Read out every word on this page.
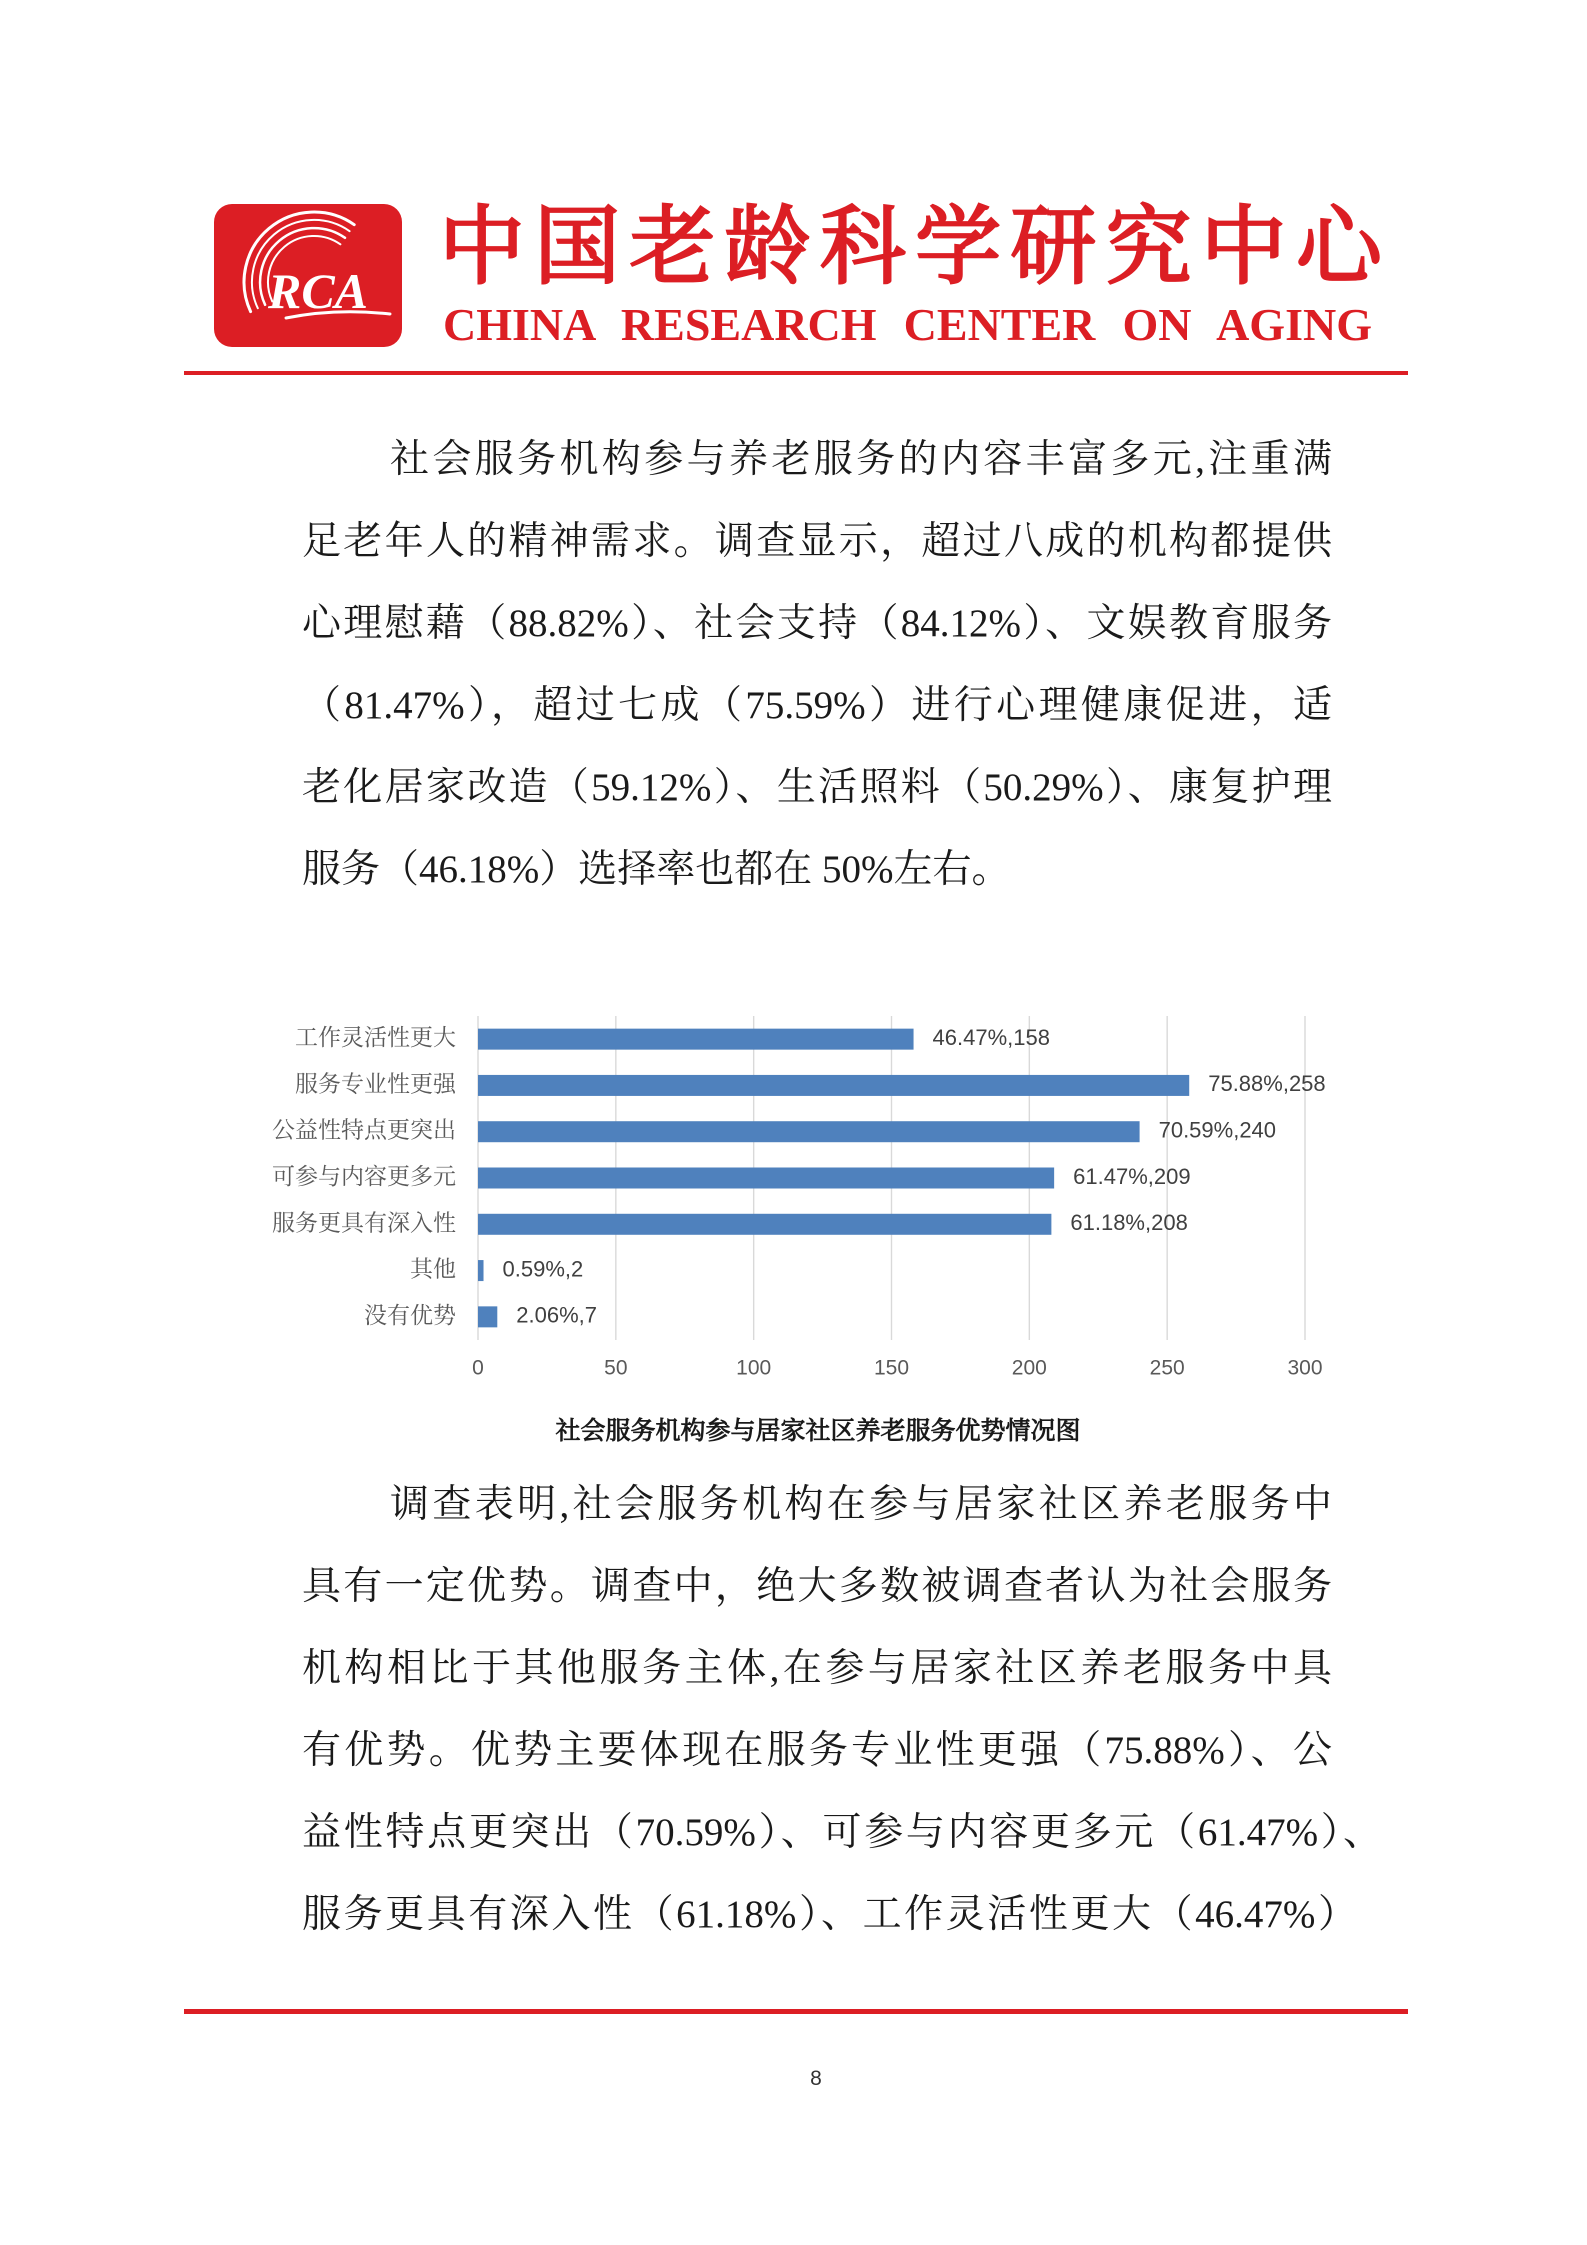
RCA 中国老龄科学研究中心
CHINA RESEARCH CENTER ON AGING
社会服务机构参与养老服务的内容丰富多元,注重满
足老年人的精神需求。调查显示，超过八成的机构都提供
心理慰藉（88.82%）、社会支持（84.12%）、文娱教育服务
（81.47%），超过七成（75.59%）进行心理健康促进，适
老化居家改造（59.12%）、生活照料（50.29%）、康复护理
服务（46.18%）选择率也都在 50%左右。
0	50	100	150	200	250	300
工作灵活性更大	46.47%,158
服务专业性更强	75.88%,258
公益性特点更突出	70.59%,240
可参与内容更多元	61.47%,209
服务更具有深入性	61.18%,208
其他 0.59%,2
没有优势	2.06%,7
社会服务机构参与居家社区养老服务优势情况图
调查表明,社会服务机构在参与居家社区养老服务中
具有一定优势。调查中，绝大多数被调查者认为社会服务
机构相比于其他服务主体,在参与居家社区养老服务中具
有优势。优势主要体现在服务专业性更强（75.88%）、公
益性特点更突出（70.59%）、可参与内容更多元（61.47%）、
服务更具有深入性（61.18%）、工作灵活性更大（46.47%）
8
